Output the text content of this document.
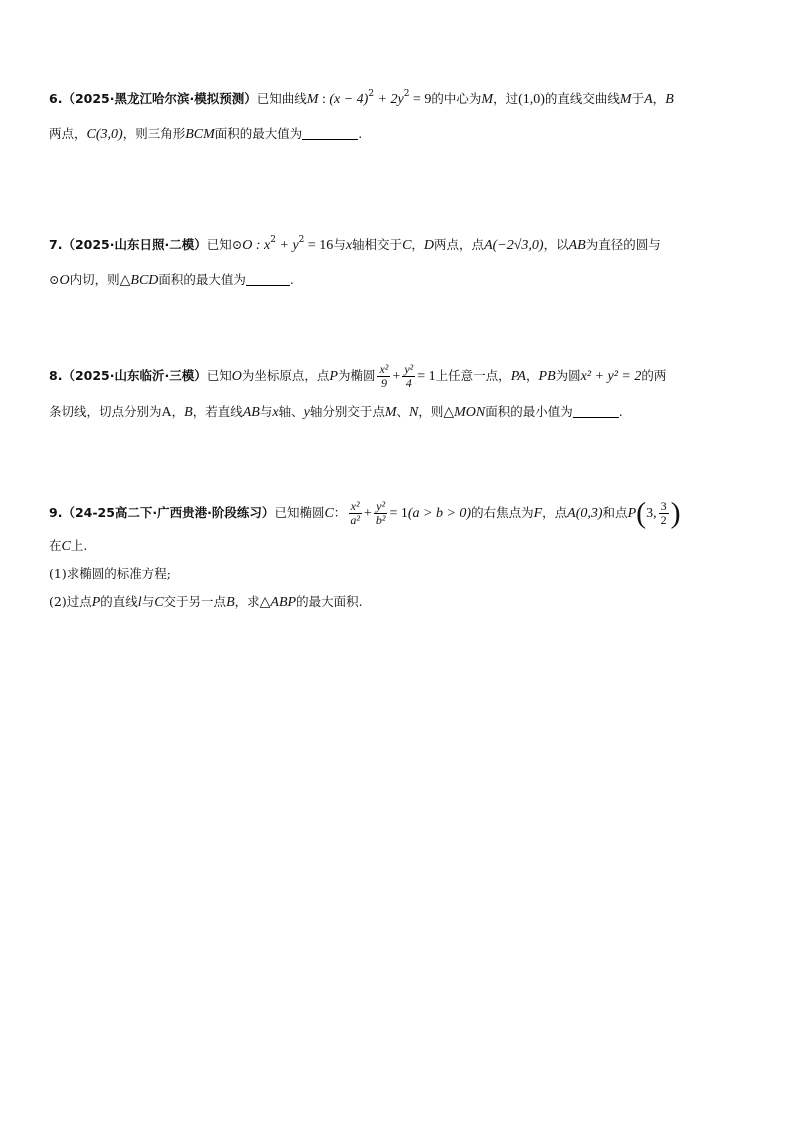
6.（2025·黑龙江哈尔滨·模拟预测）已知曲线M : $(x - 4)^2 + 2y^2 = 9$的中心为M，过(1,0)的直线交曲线M于A，B
两点，C(3,0)，则三角形BCM面积的最大值为	.
7.（2025·山东日照·二模）已知⊙O : $x^2 + y^2 = 16$与x轴相交于C，D两点，点A(−2√3,0)，以AB为直径的圆与
⊙O内切，则△BCD面积的最大值为	.
8.（2025·山东临沂·三模）已知O为坐标原点，点P为椭圆 $\frac{\text{x²}}{9} + \frac{\text{y²}}{4} = 1$上任意一点，PA，PB为圆x² + y² = 2的两
条切线，切点分别为A，B，若直线AB与x轴、y轴分别交于点M、N，则△MON面积的最小值为	.
9.（24-25高二下·广西贵港·阶段练习）已知椭圆C： $\frac{\text{x²}}{\text{a²}} + \frac{\text{y²}}{\text{b²}} = 1(a > b > 0)$的右焦点为F，点A(0,3)和点P(3, $\frac{3}{2}$ )
在C上.
(1)求椭圆的标准方程;
(2)过点P的直线l与C交于另一点B，求△ABP的最大面积.
